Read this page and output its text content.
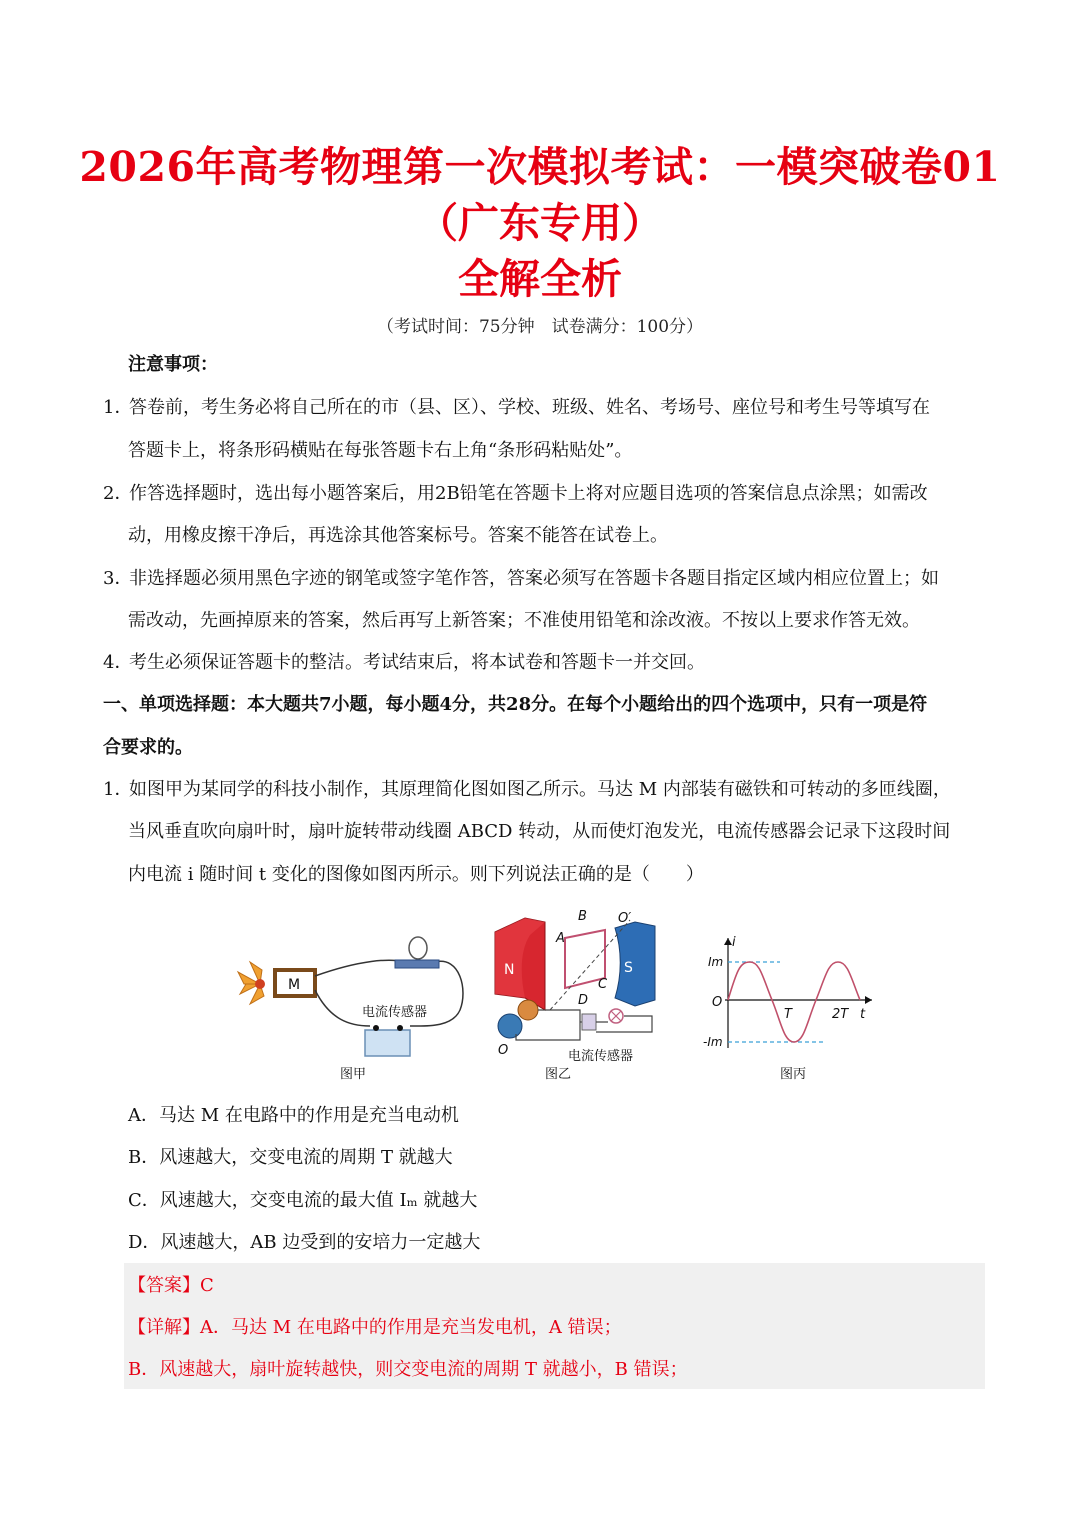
2026年高考物理第一次模拟考试：一模突破卷01
（广东专用）
全解全析
（考试时间：75分钟　试卷满分：100分）
注意事项：
1．答卷前，考生务必将自己所在的市（县、区）、学校、班级、姓名、考场号、座位号和考生号等填写在
答题卡上，将条形码横贴在每张答题卡右上角“条形码粘贴处”。
2．作答选择题时，选出每小题答案后，用2B铅笔在答题卡上将对应题目选项的答案信息点涂黑；如需改
动，用橡皮擦干净后，再选涂其他答案标号。答案不能答在试卷上。
3．非选择题必须用黑色字迹的钢笔或签字笔作答，答案必须写在答题卡各题目指定区域内相应位置上；如
需改动，先画掉原来的答案，然后再写上新答案；不准使用铅笔和涂改液。不按以上要求作答无效。
4．考生必须保证答题卡的整洁。考试结束后，将本试卷和答题卡一并交回。
一、单项选择题：本大题共7小题，每小题4分，共28分。在每个小题给出的四个选项中，只有一项是符
合要求的。
1．如图甲为某同学的科技小制作，其原理简化图如图乙所示。马达 M 内部装有磁铁和可转动的多匝线圈，
当风垂直吹向扇叶时，扇叶旋转带动线圈 ABCD 转动，从而使灯泡发光，电流传感器会记录下这段时间
内电流 i 随时间 t 变化的图像如图丙所示。则下列说法正确的是（　　）
M
电流传感器
图甲
N	S
B
A
C
D
O′
O	电流传感器
图乙
i
Im
O
-Im
T	2T t
图丙
A．马达 M 在电路中的作用是充当电动机
B．风速越大，交变电流的周期 T 就越大
C．风速越大，交变电流的最大值 Iₘ 就越大
D．风速越大，AB 边受到的安培力一定越大
【答案】C
【详解】A．马达 M 在电路中的作用是充当发电机，A 错误；
B．风速越大，扇叶旋转越快，则交变电流的周期 T 就越小，B 错误；
